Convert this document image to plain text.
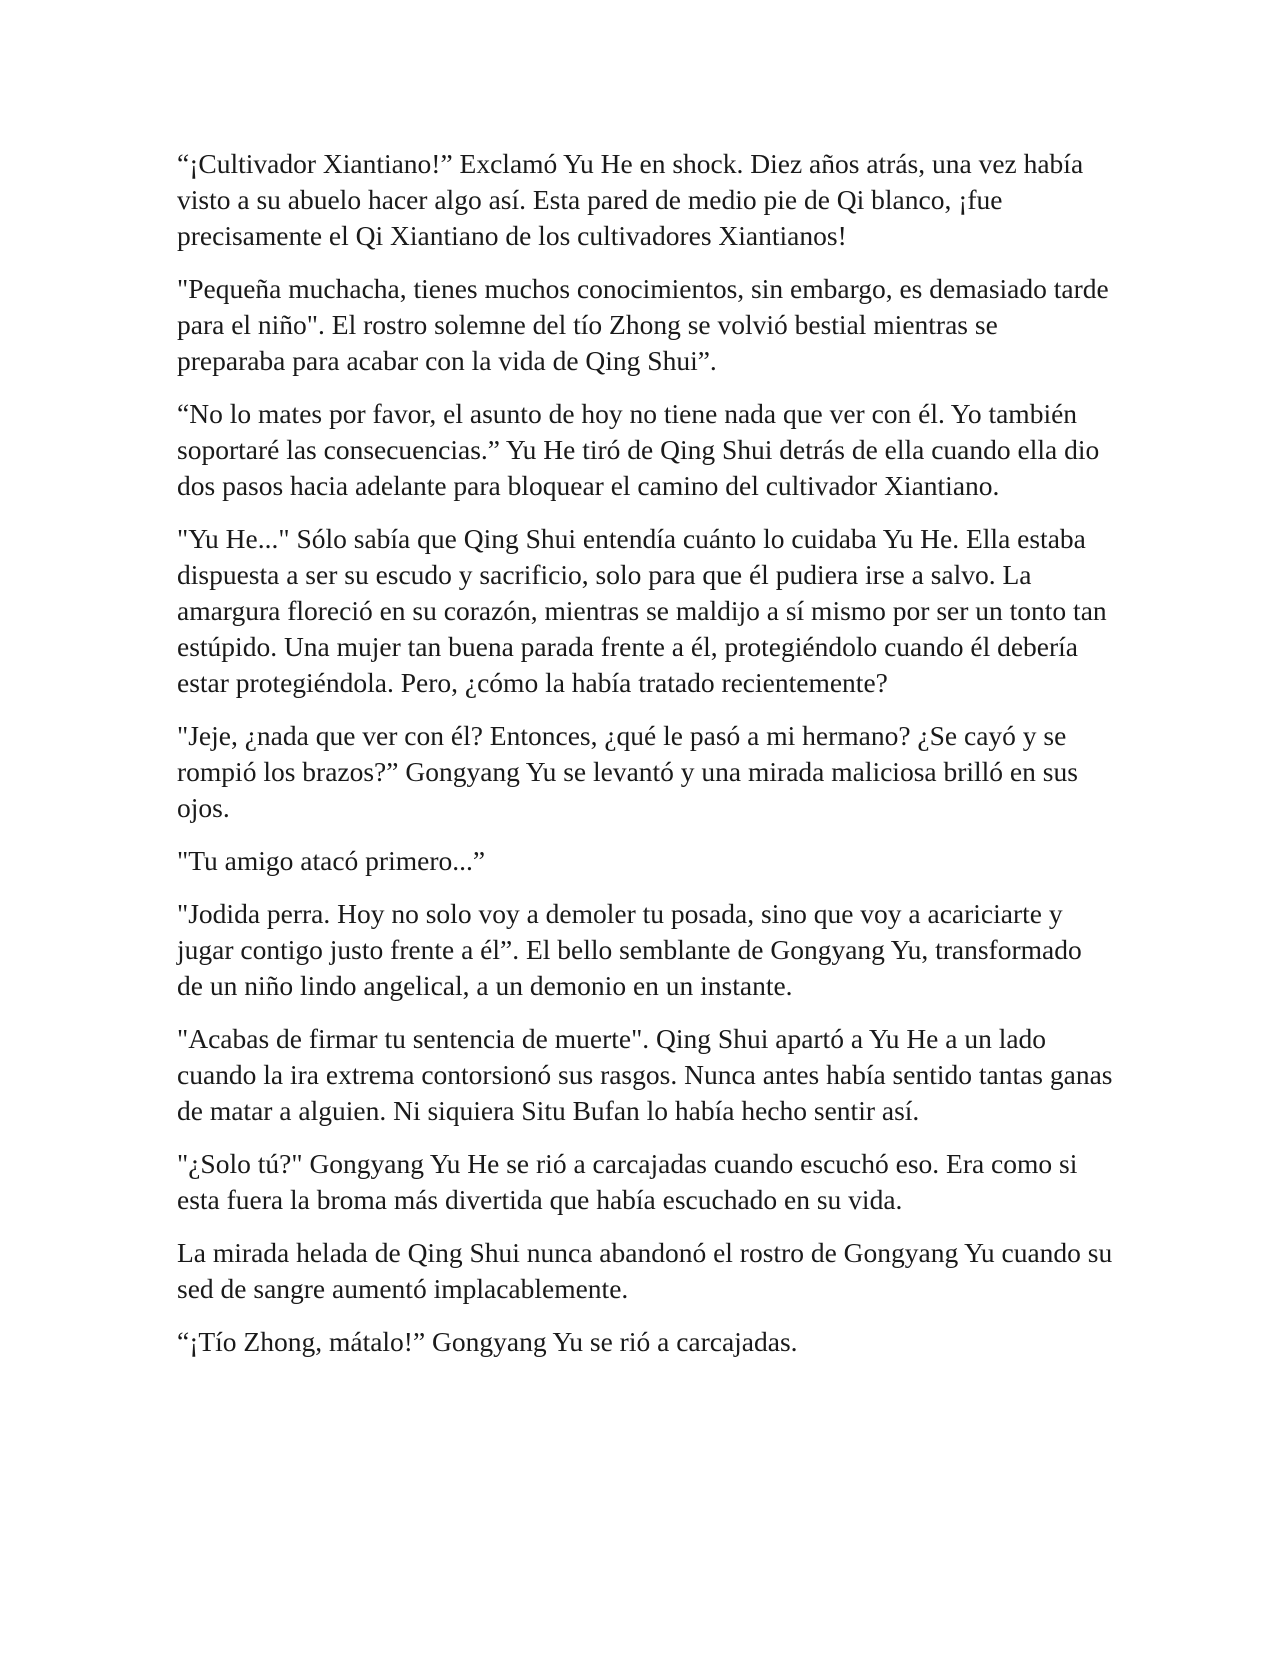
“¡Cultivador Xiantiano!” Exclamó Yu He en shock. Diez años atrás, una vez había visto a su abuelo hacer algo así. Esta pared de medio pie de Qi blanco, ¡fue precisamente el Qi Xiantiano de los cultivadores Xiantianos!

"Pequeña muchacha, tienes muchos conocimientos, sin embargo, es demasiado tarde para el niño". El rostro solemne del tío Zhong se volvió bestial mientras se preparaba para acabar con la vida de Qing Shui”.

“No lo mates por favor, el asunto de hoy no tiene nada que ver con él. Yo también soportaré las consecuencias.” Yu He tiró de Qing Shui detrás de ella cuando ella dio dos pasos hacia adelante para bloquear el camino del cultivador Xiantiano.

"Yu He..." Sólo sabía que Qing Shui entendía cuánto lo cuidaba Yu He. Ella estaba dispuesta a ser su escudo y sacrificio, solo para que él pudiera irse a salvo. La amargura floreció en su corazón, mientras se maldijo a sí mismo por ser un tonto tan estúpido. Una mujer tan buena parada frente a él, protegiéndolo cuando él debería estar protegiéndola. Pero, ¿cómo la había tratado recientemente?

"Jeje, ¿nada que ver con él? Entonces, ¿qué le pasó a mi hermano? ¿Se cayó y se rompió los brazos?” Gongyang Yu se levantó y una mirada maliciosa brilló en sus ojos.

"Tu amigo atacó primero...”

"Jodida perra. Hoy no solo voy a demoler tu posada, sino que voy a acariciarte y jugar contigo justo frente a él”. El bello semblante de Gongyang Yu, transformado de un niño lindo angelical, a un demonio en un instante.

"Acabas de firmar tu sentencia de muerte". Qing Shui apartó a Yu He a un lado cuando la ira extrema contorsionó sus rasgos. Nunca antes había sentido tantas ganas de matar a alguien. Ni siquiera Situ Bufan lo había hecho sentir así.

"¿Solo tú?" Gongyang Yu He se rió a carcajadas cuando escuchó eso. Era como si esta fuera la broma más divertida que había escuchado en su vida.

La mirada helada de Qing Shui nunca abandonó el rostro de Gongyang Yu cuando su sed de sangre aumentó implacablemente.

“¡Tío Zhong, mátalo!” Gongyang Yu se rió a carcajadas.
